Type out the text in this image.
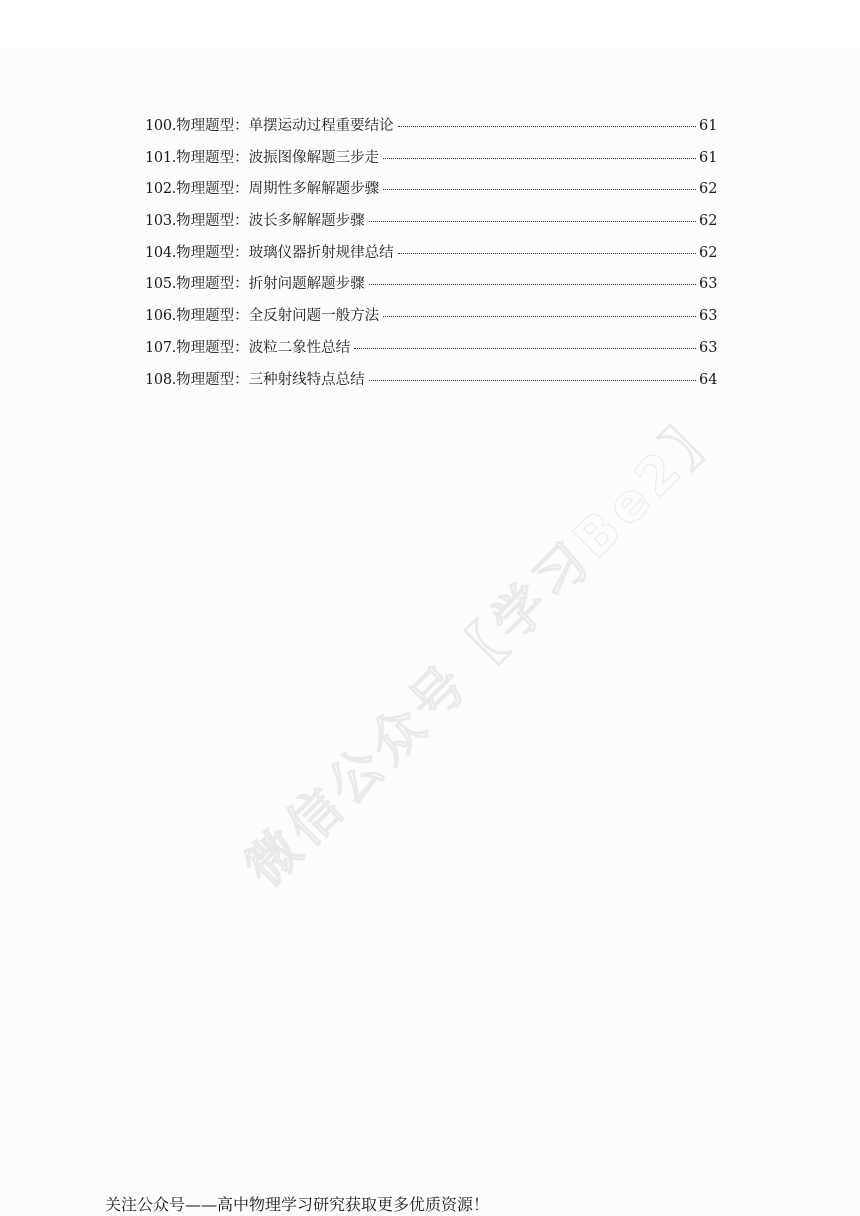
100. 物理题型：单摆运动过程重要结论	61
101. 物理题型：波振图像解题三步走	61
102. 物理题型：周期性多解解题步骤	62
103. 物理题型：波长多解解题步骤	62
104. 物理题型：玻璃仪器折射规律总结	62
105. 物理题型：折射问题解题步骤	63
106. 物理题型：全反射问题一般方法	63
107. 物理题型：波粒二象性总结	63
108. 物理题型：三种射线特点总结	64
微信公众号【学习Be2】
关注公众号——高中物理学习研究获取更多优质资源！
